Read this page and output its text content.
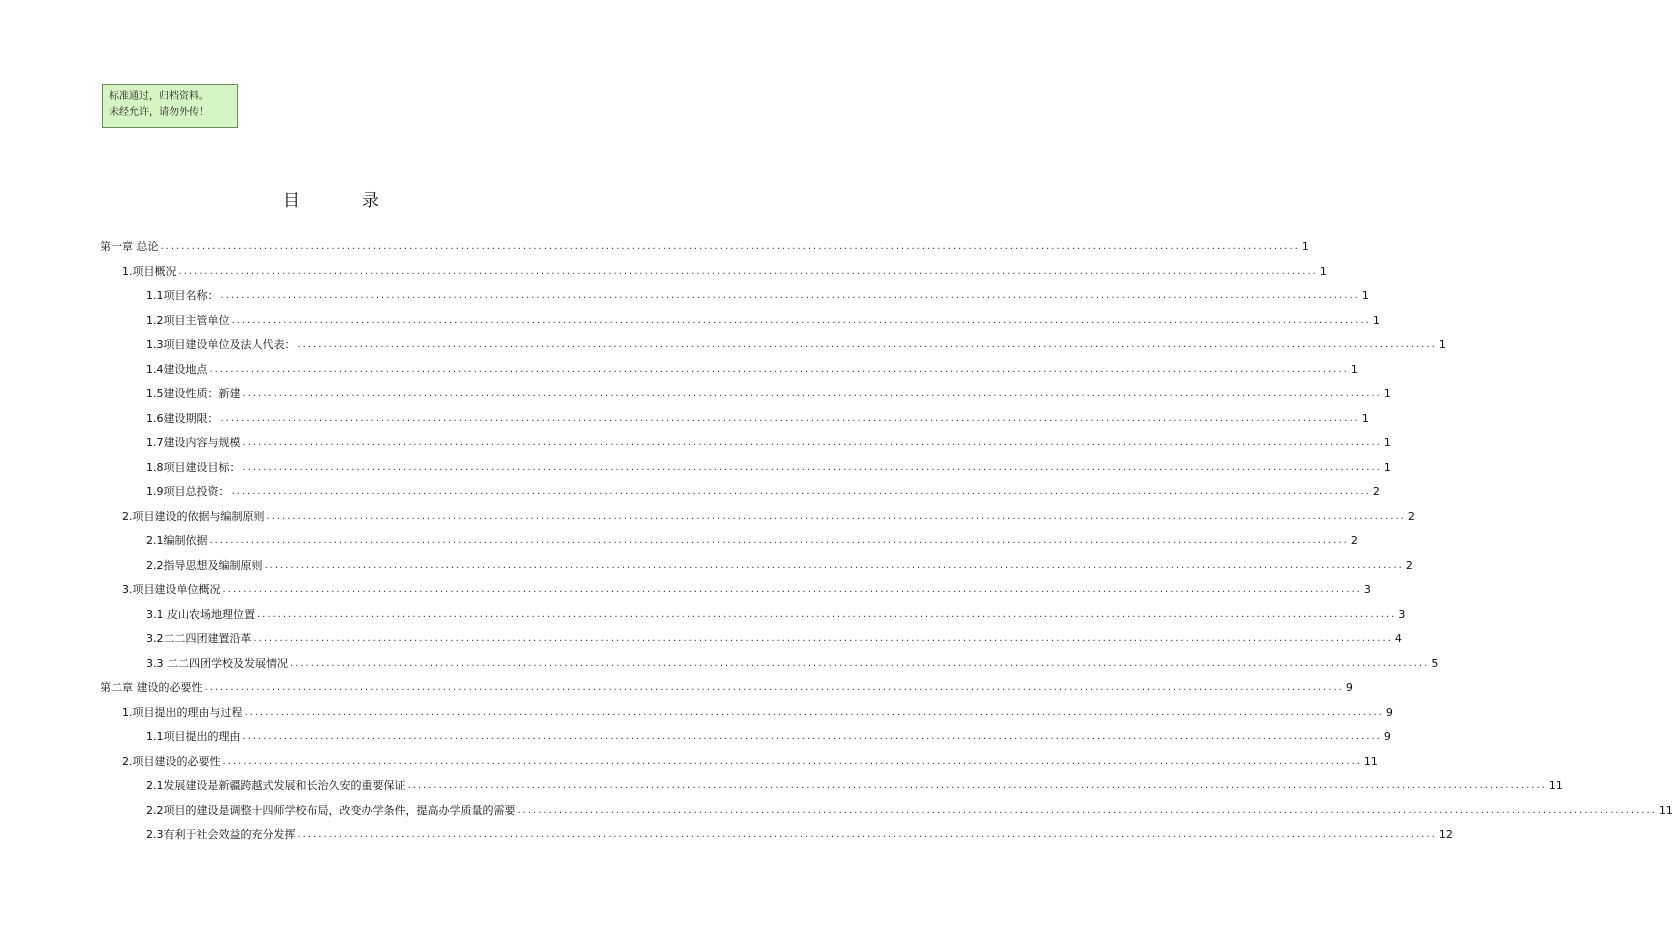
标准通过，归档资料。
未经允许，请勿外传！
目	录
第一章 总论 ............................................................................................................................................................................................................................ 1
1.项目概况 ............................................................................................................................................................................................................................ 1
1.1项目名称： ............................................................................................................................................................................................................................ 1
1.2项目主管单位 ............................................................................................................................................................................................................................ 1
1.3项目建设单位及法人代表： ............................................................................................................................................................................................................................ 1
1.4建设地点 ............................................................................................................................................................................................................................ 1
1.5建设性质：新建 ............................................................................................................................................................................................................................ 1
1.6建设期限： ............................................................................................................................................................................................................................ 1
1.7建设内容与规模 ............................................................................................................................................................................................................................ 1
1.8项目建设目标： ............................................................................................................................................................................................................................ 1
1.9项目总投资： ............................................................................................................................................................................................................................ 2
2.项目建设的依据与编制原则 ............................................................................................................................................................................................................................ 2
2.1编制依据 ............................................................................................................................................................................................................................ 2
2.2指导思想及编制原则 ............................................................................................................................................................................................................................ 2
3.项目建设单位概况 ............................................................................................................................................................................................................................ 3
3.1 皮山农场地理位置 ............................................................................................................................................................................................................................ 3
3.2二二四团建置沿革 ............................................................................................................................................................................................................................ 4
3.3 二二四团学校及发展情况 ............................................................................................................................................................................................................................ 5
第二章 建设的必要性 ............................................................................................................................................................................................................................ 9
1.项目提出的理由与过程 ............................................................................................................................................................................................................................ 9
1.1项目提出的理由 ............................................................................................................................................................................................................................ 9
2.项目建设的必要性 ............................................................................................................................................................................................................................ 11
2.1发展建设是新疆跨越式发展和长治久安的重要保证 ............................................................................................................................................................................................................................ 11
2.2项目的建设是调整十四师学校布局，改变办学条件，提高办学质量的需要 ............................................................................................................................................................................................................................ 11
2.3有利于社会效益的充分发挥 ............................................................................................................................................................................................................................ 12
